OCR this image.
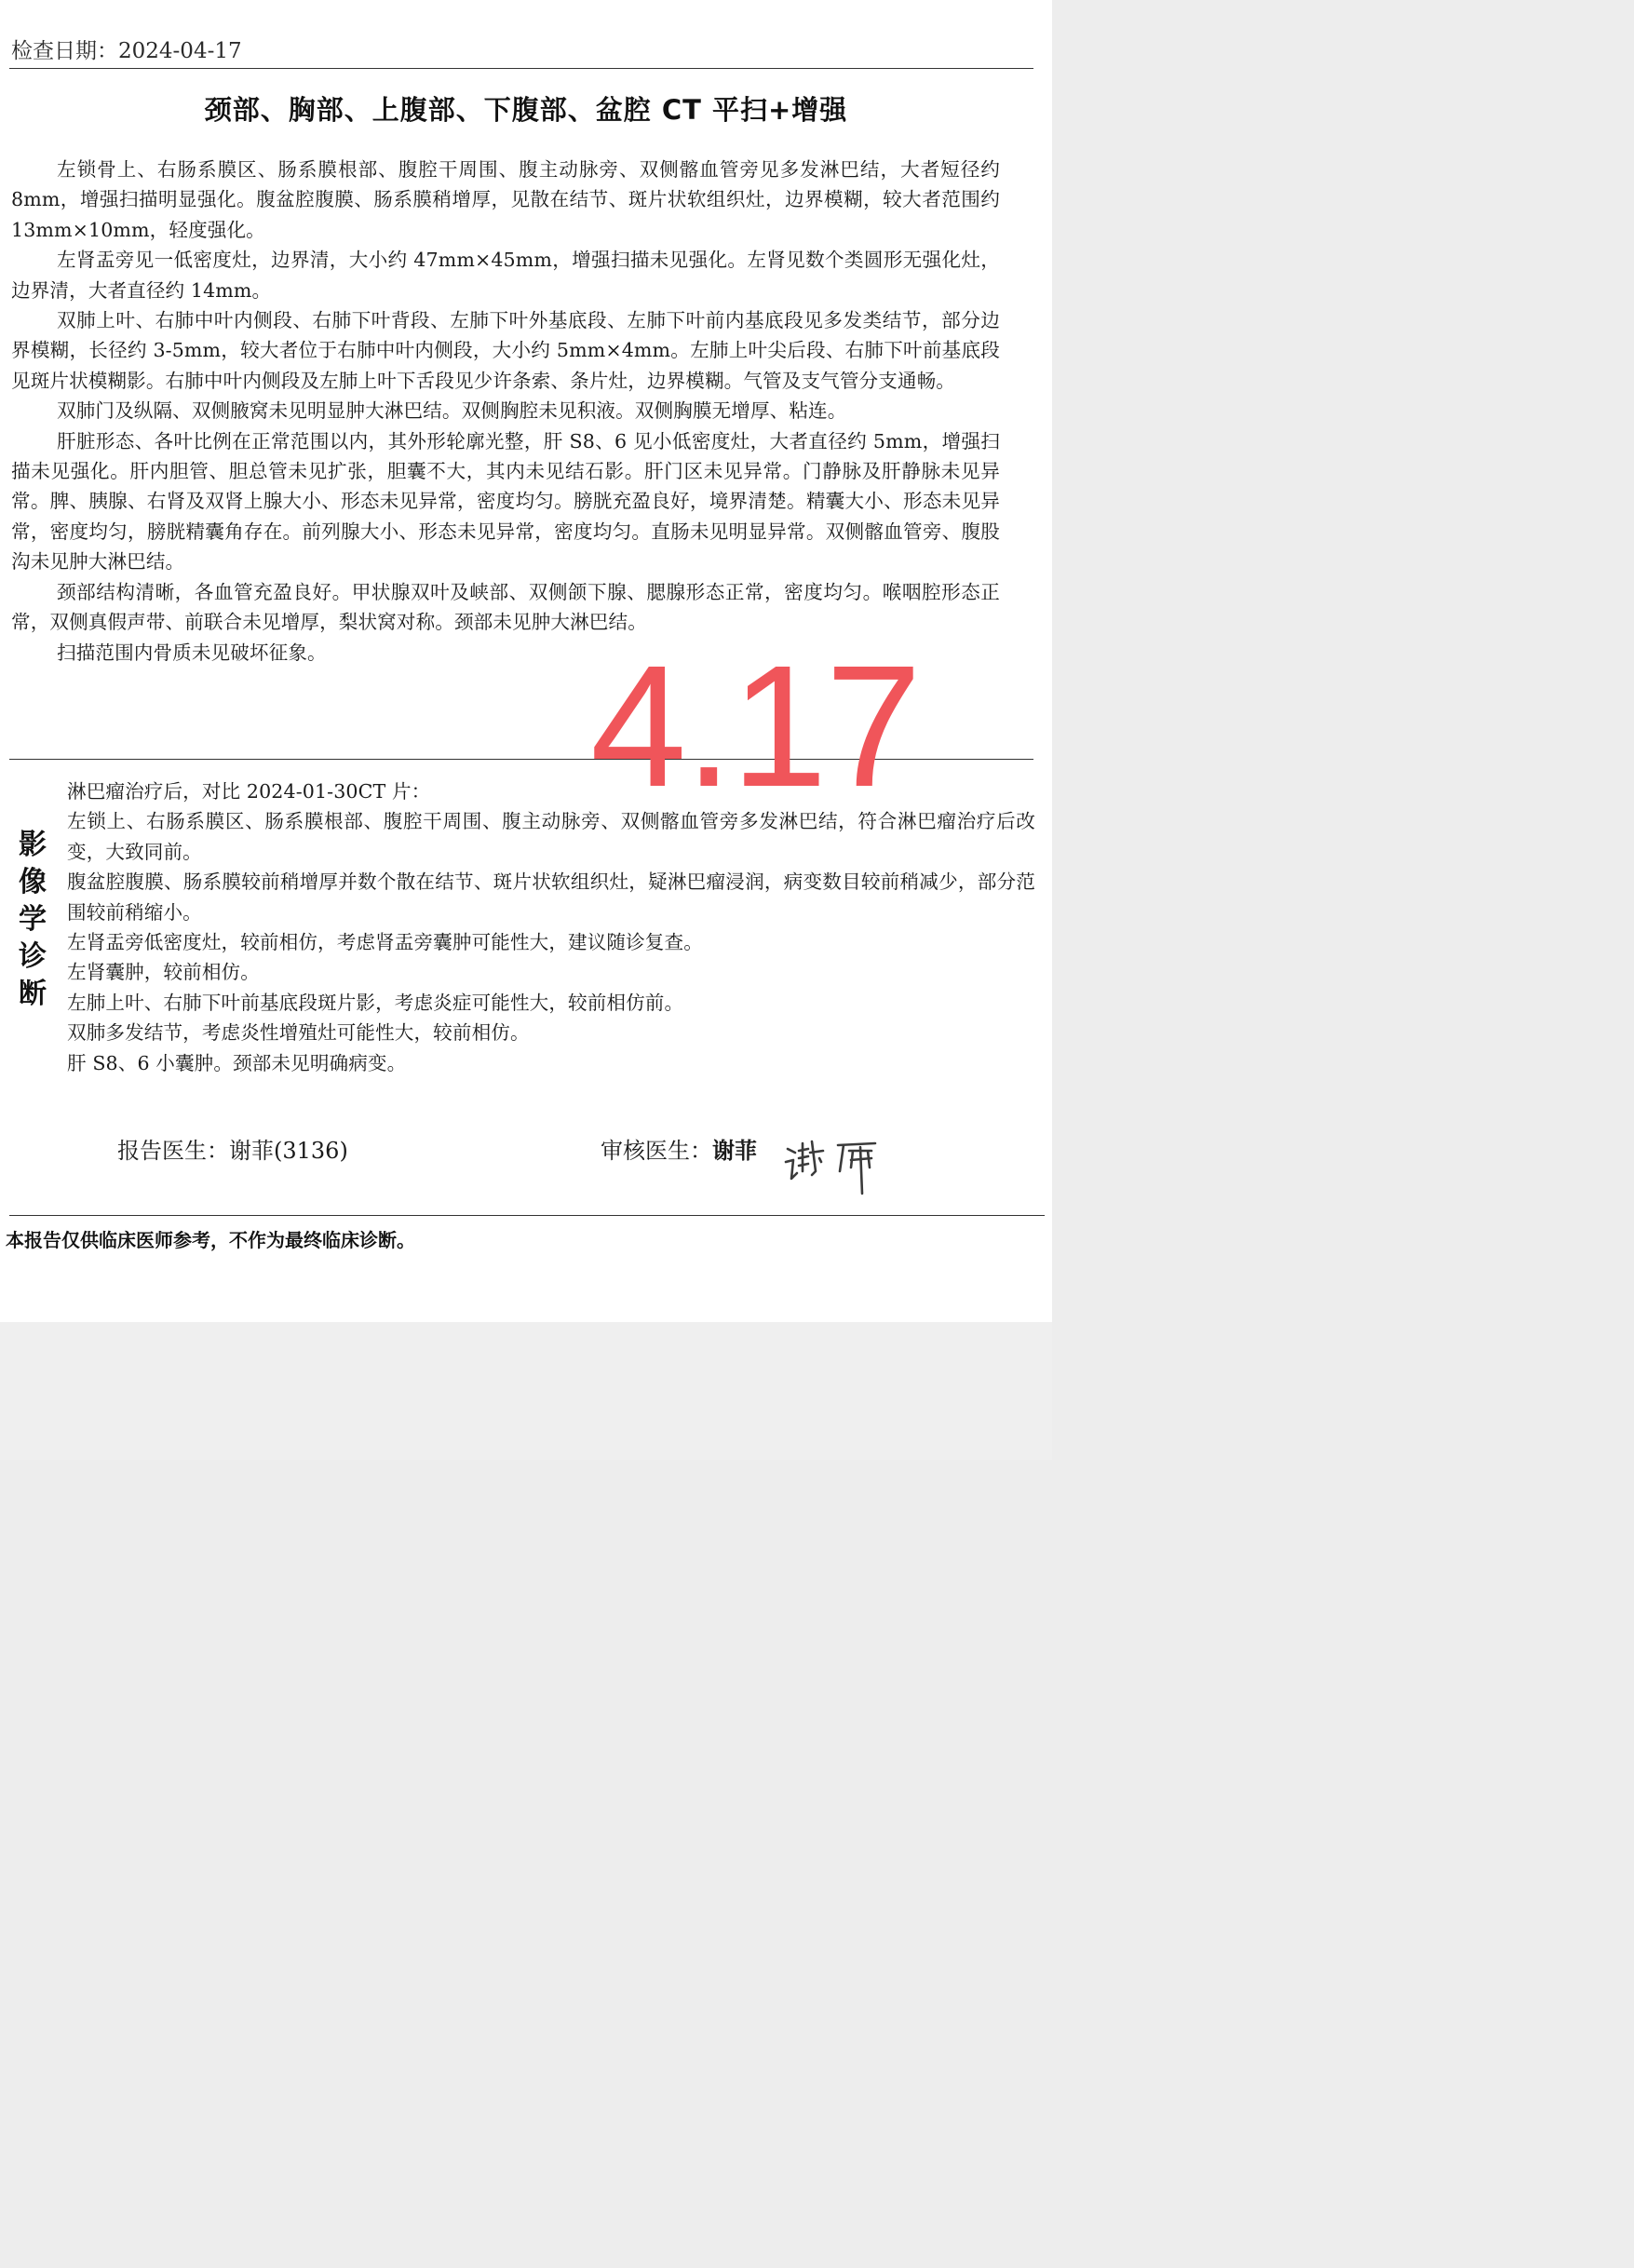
检查日期：2024-04-17
颈部、胸部、上腹部、下腹部、盆腔 CT 平扫+增强

左锁骨上、右肠系膜区、肠系膜根部、腹腔干周围、腹主动脉旁、双侧髂血管旁见多发淋巴结，大者短径约 8mm，增强扫描明显强化。腹盆腔腹膜、肠系膜稍增厚，见散在结节、斑片状软组织灶，边界模糊，较大者范围约 13mm×10mm，轻度强化。

左肾盂旁见一低密度灶，边界清，大小约 47mm×45mm，增强扫描未见强化。左肾见数个类圆形无强化灶，边界清，大者直径约 14mm。

双肺上叶、右肺中叶内侧段、右肺下叶背段、左肺下叶外基底段、左肺下叶前内基底段见多发类结节，部分边界模糊，长径约 3-5mm，较大者位于右肺中叶内侧段，大小约 5mm×4mm。左肺上叶尖后段、右肺下叶前基底段见斑片状模糊影。右肺中叶内侧段及左肺上叶下舌段见少许条索、条片灶，边界模糊。气管及支气管分支通畅。

双肺门及纵隔、双侧腋窝未见明显肿大淋巴结。双侧胸腔未见积液。双侧胸膜无增厚、粘连。

肝脏形态、各叶比例在正常范围以内，其外形轮廓光整，肝 S8、6 见小低密度灶，大者直径约 5mm，增强扫描未见强化。肝内胆管、胆总管未见扩张，胆囊不大，其内未见结石影。肝门区未见异常。门静脉及肝静脉未见异常。脾、胰腺、右肾及双肾上腺大小、形态未见异常，密度均匀。膀胱充盈良好，境界清楚。精囊大小、形态未见异常，密度均匀，膀胱精囊角存在。前列腺大小、形态未见异常，密度均匀。直肠未见明显异常。双侧髂血管旁、腹股沟未见肿大淋巴结。

颈部结构清晰，各血管充盈良好。甲状腺双叶及峡部、双侧颌下腺、腮腺形态正常，密度均匀。喉咽腔形态正常，双侧真假声带、前联合未见增厚，梨状窝对称。颈部未见肿大淋巴结。

扫描范围内骨质未见破坏征象。	4.17
影
像
学
诊
断

淋巴瘤治疗后，对比 2024-01-30CT 片：

左锁上、右肠系膜区、肠系膜根部、腹腔干周围、腹主动脉旁、双侧髂血管旁多发淋巴结，符合淋巴瘤治疗后改变，大致同前。

腹盆腔腹膜、肠系膜较前稍增厚并数个散在结节、斑片状软组织灶，疑淋巴瘤浸润，病变数目较前稍减少，部分范围较前稍缩小。

左肾盂旁低密度灶，较前相仿，考虑肾盂旁囊肿可能性大，建议随诊复查。

左肾囊肿，较前相仿。

左肺上叶、右肺下叶前基底段斑片影，考虑炎症可能性大，较前相仿前。

双肺多发结节，考虑炎性增殖灶可能性大，较前相仿。

肝 S8、6 小囊肿。颈部未见明确病变。

报告医生：谢菲(3136)	审核医生：谢菲
本报告仅供临床医师参考，不作为最终临床诊断。
